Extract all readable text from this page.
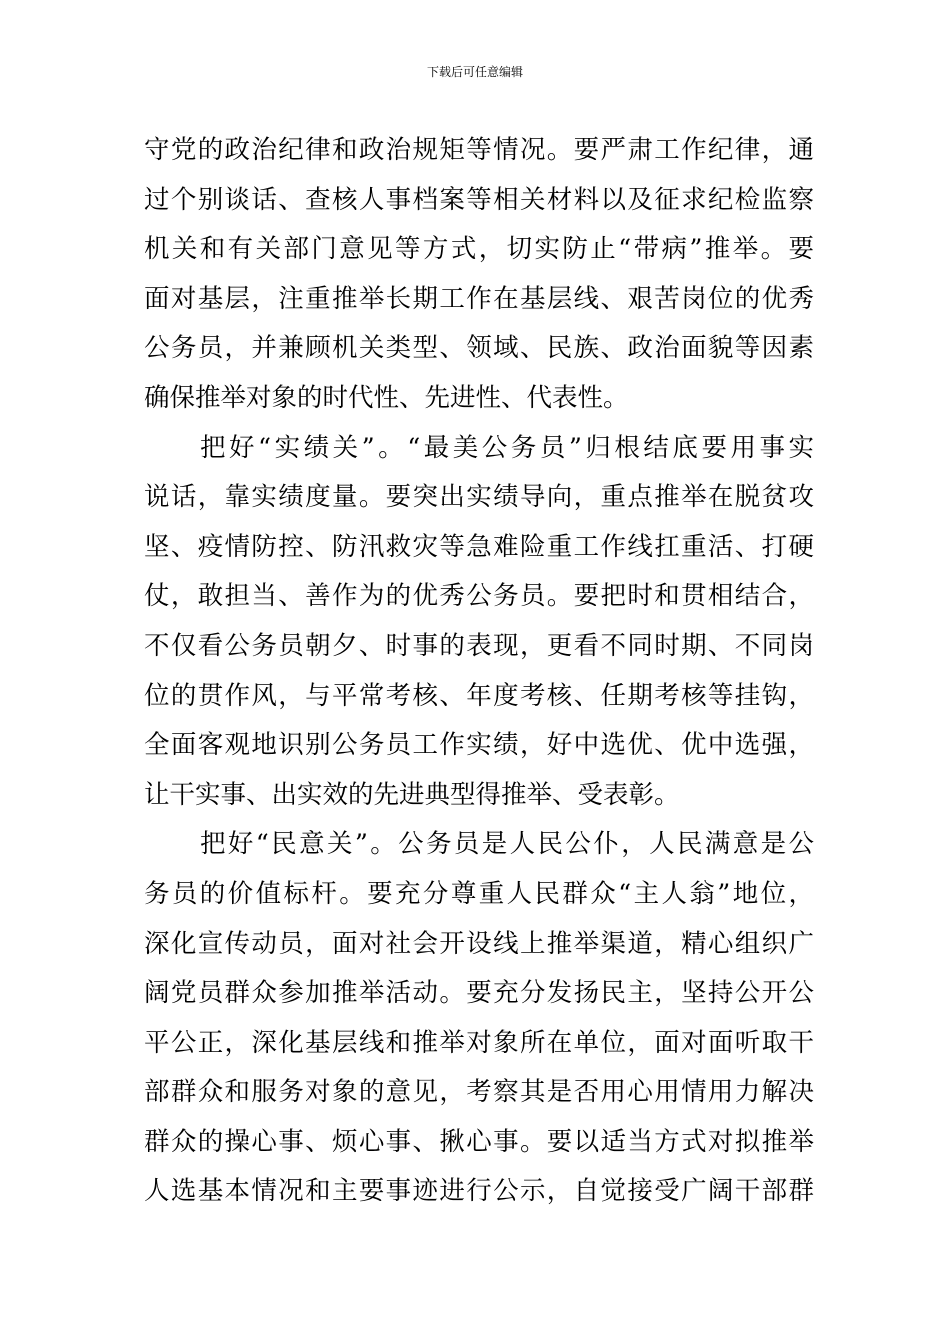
下载后可任意编辑
守党的政治纪律和政治规矩等情况。要严肃工作纪律，通
过个别谈话、查核人事档案等相关材料以及征求纪检监察
机关和有关部门意见等方式，切实防止“带病”推举。要
面对基层，注重推举长期工作在基层线、艰苦岗位的优秀
公务员，并兼顾机关类型、领域、民族、政治面貌等因素
确保推举对象的时代性、先进性、代表性。
把好“实绩关”。“最美公务员”归根结底要用事实
说话，靠实绩度量。要突出实绩导向，重点推举在脱贫攻
坚、疫情防控、防汛救灾等急难险重工作线扛重活、打硬
仗，敢担当、善作为的优秀公务员。要把时和贯相结合，
不仅看公务员朝夕、时事的表现，更看不同时期、不同岗
位的贯作风，与平常考核、年度考核、任期考核等挂钩，
全面客观地识别公务员工作实绩，好中选优、优中选强，
让干实事、出实效的先进典型得推举、受表彰。
把好“民意关”。公务员是人民公仆，人民满意是公
务员的价值标杆。要充分尊重人民群众“主人翁”地位，
深化宣传动员，面对社会开设线上推举渠道，精心组织广
阔党员群众参加推举活动。要充分发扬民主，坚持公开公
平公正，深化基层线和推举对象所在单位，面对面听取干
部群众和服务对象的意见，考察其是否用心用情用力解决
群众的操心事、烦心事、揪心事。要以适当方式对拟推举
人选基本情况和主要事迹进行公示，自觉接受广阔干部群
